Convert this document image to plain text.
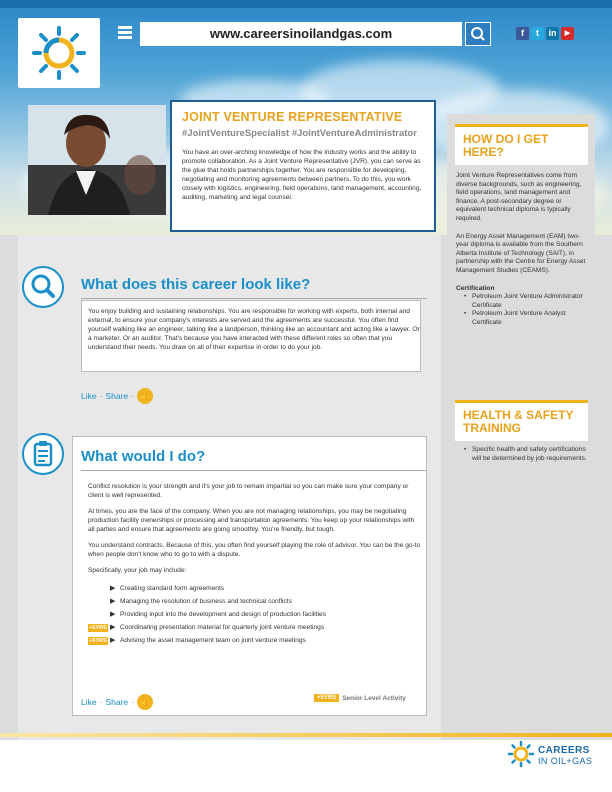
www.careersinoilandgas.com	f	t	in	▶
JOINT VENTURE REPRESENTATIVE
#JointVentureSpecialist #JointVentureAdministrator
You have an over-arching knowledge of how the industry works and the ability to promote collaboration. As a Joint Venture Representative (JVR), you can serve as the glue that holds partnerships together. You are responsible for developing, negotiating and monitoring agreements between partners. To do this, you work closely with logistics, engineering, field operations, land management, accounting, auditing, marketing and legal counsel.
HOW DO I GET HERE?

Joint Venture Representatives come from diverse backgrounds, such as engineering, field operations, land management and finance. A post-secondary degree or equivalent technical diploma is typically required.

An Energy Asset Management (EAM) two-year diploma is available from the Southern Alberta Institute of Technology (SAIT), in partnership with the Centre for Energy Asset Management Studies (CEAMS).

Certification

• Petroleum Joint Venture Administrator Certificate
• Petroleum Joint Venture Analyst Certificate
HEALTH & SAFETY TRAINING
• Specific health and safety certifications will be determined by job requirements.
What does this career look like?
You enjoy building and sustaining relationships. You are responsible for working with experts, both internal and external, to ensure your company's interests are served and the agreements are successful. You often find yourself walking like an engineer, talking like a landperson, thinking like an accountant and acting like a lawyer. Or a marketer. Or an auditor. That's because you have interacted with these different roles so often that you understand their needs. You draw on all of their expertise in order to do your job.
Like · Share · 👍
What would I do?

Conflict resolution is your strength and it's your job to remain impartial so you can make sure your company or client is well represented.

At times, you are the face of the company. When you are not managing relationships, you may be negotiating production facility ownerships or processing and transportation agreements. You keep up your relationships with all parties and ensure that agreements are going smoothly. You're friendly, but tough.

You understand contracts. Because of this, you often find yourself playing the role of advisor. You can be the go-to when people don't know who to go to with a dispute.

Specifically, your job may include:

▶ Creating standard form agreements
▶ Managing the resolution of business and technical conflicts
▶ Providing input into the development and design of production facilities
+5YRS ▶ Coordinating presentation material for quarterly joint venture meetings
+5YRS ▶ Advising the asset management team on joint venture meetings
Like · Share · 👍	+5YRS Senior Level Activity
CAREERS
IN OIL+GAS
